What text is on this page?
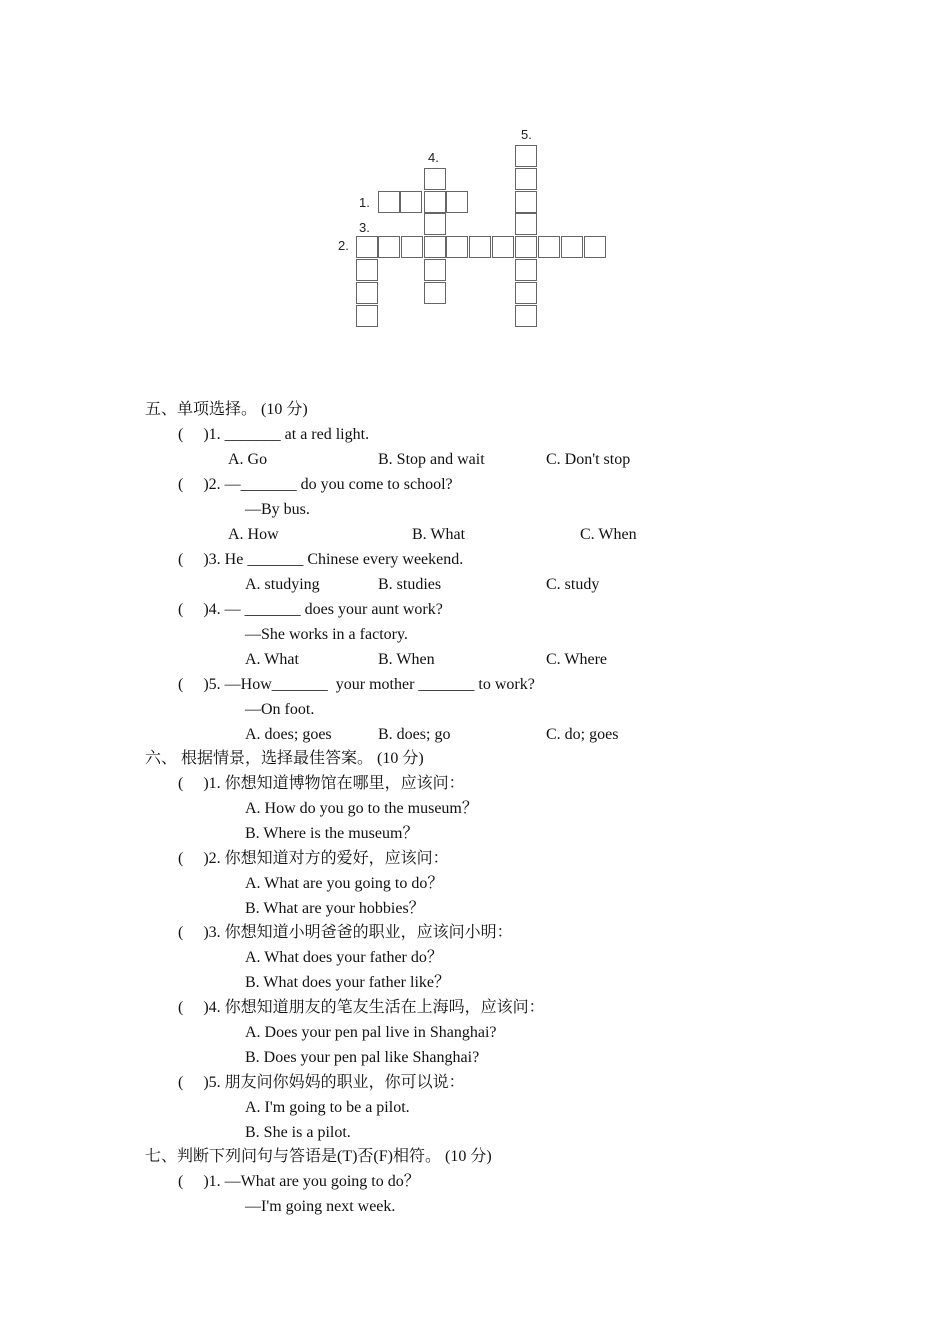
1.
2.
3.
4.
5.
五、单项选择。 (10 分)
(     )1. _______ at a red light.
A. Go	B. Stop and wait	C. Don't stop
(     )2. —_______ do you come to school?
—By bus.
A. How	B. What	C. When
(     )3. He _______ Chinese every weekend.
A. studying	B. studies	C. study
(     )4. — _______ does your aunt work?
—She works in a factory.
A. What	B. When	C. Where
(     )5. —How_______  your mother _______ to work?
—On foot.
A. does; goes	B. does; go	C. do; goes
六、 根据情景，选择最佳答案。 (10 分)
(     )1. 你想知道博物馆在哪里，应该问：
A. How do you go to the museum？
B. Where is the museum？
(     )2. 你想知道对方的爱好，应该问：
A. What are you going to do？
B. What are your hobbies？
(     )3. 你想知道小明爸爸的职业，应该问小明：
A. What does your father do？
B. What does your father like？
(     )4. 你想知道朋友的笔友生活在上海吗，应该问：
A. Does your pen pal live in Shanghai?
B. Does your pen pal like Shanghai?
(     )5. 朋友问你妈妈的职业，你可以说：
A. I'm going to be a pilot.
B. She is a pilot.
七、判断下列问句与答语是(T)否(F)相符。 (10 分)
(     )1. —What are you going to do？
—I'm going next week.
